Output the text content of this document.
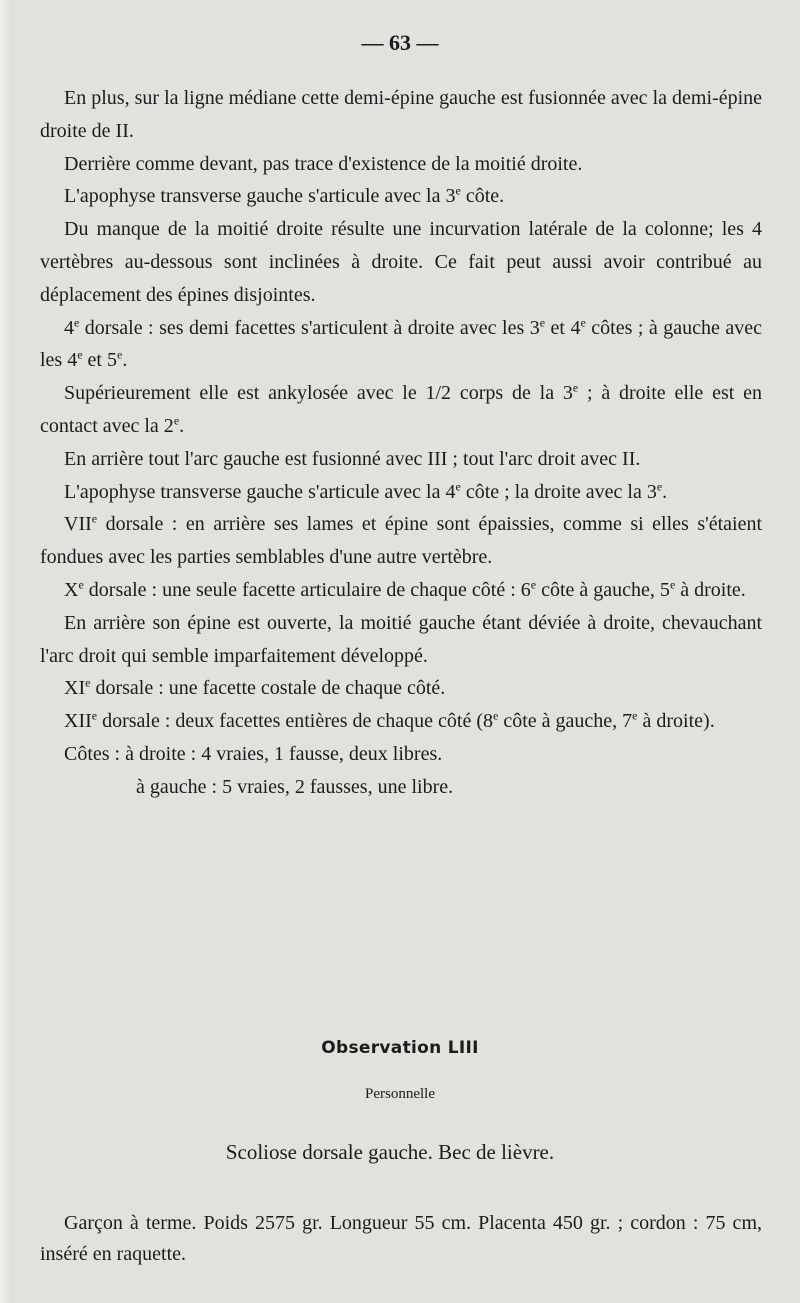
— 63 —

En plus, sur la ligne médiane cette demi-épine gauche est fusionnée avec la demi-épine droite de II.

Derrière comme devant, pas trace d'existence de la moitié droite.

L'apophyse transverse gauche s'articule avec la 3e côte.

Du manque de la moitié droite résulte une incurvation latérale de la colonne; les 4 vertèbres au-dessous sont inclinées à droite. Ce fait peut aussi avoir contribué au déplacement des épines disjointes.

4e dorsale : ses demi facettes s'articulent à droite avec les 3e et 4e côtes ; à gauche avec les 4e et 5e.

Supérieurement elle est ankylosée avec le 1/2 corps de la 3e ; à droite elle est en contact avec la 2e.

En arrière tout l'arc gauche est fusionné avec III ; tout l'arc droit avec II.

L'apophyse transverse gauche s'articule avec la 4e côte ; la droite avec la 3e.

VIIe dorsale : en arrière ses lames et épine sont épaissies, comme si elles s'étaient fondues avec les parties semblables d'une autre vertèbre.

Xe dorsale : une seule facette articulaire de chaque côté : 6e côte à gauche, 5e à droite.

En arrière son épine est ouverte, la moitié gauche étant déviée à droite, chevauchant l'arc droit qui semble imparfaitement développé.

XIe dorsale : une facette costale de chaque côté.

XIIe dorsale : deux facettes entières de chaque côté (8e côte à gauche, 7e à droite).

Côtes : à droite : 4 vraies, 1 fausse, deux libres.

à gauche : 5 vraies, 2 fausses, une libre.

Observation LIII
Personnelle
Scoliose dorsale gauche. Bec de lièvre.

Garçon à terme. Poids 2575 gr. Longueur 55 cm. Placenta 450 gr. ; cordon : 75 cm, inséré en raquette.
